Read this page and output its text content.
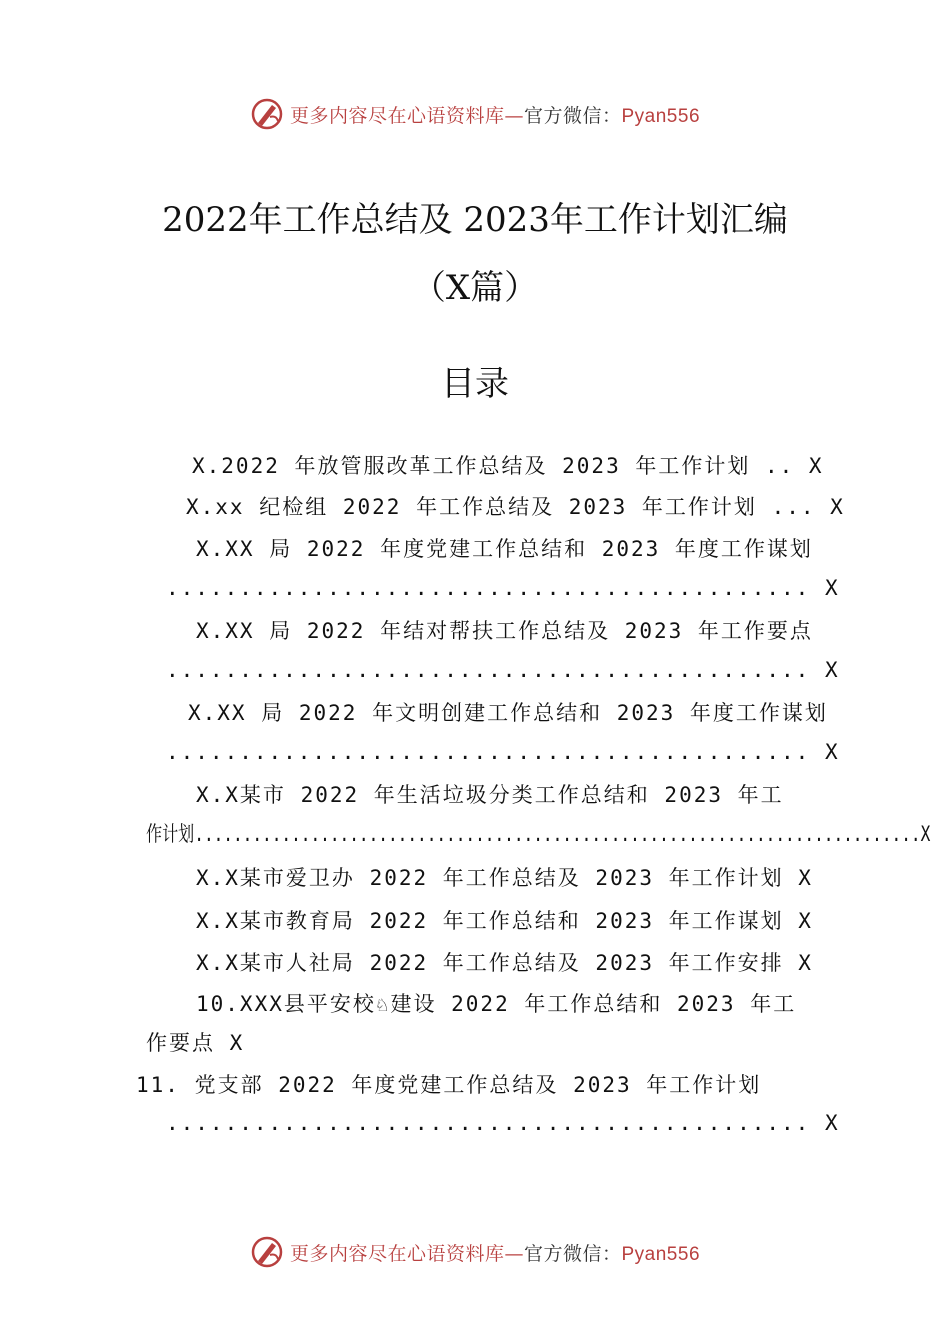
更多内容尽在心语资料库—官方微信：Pyan556
2022年工作总结及 2023年工作计划汇编
（X篇）
目录
X.2022 年放管服改革工作总结及 2023 年工作计划 .. X
X.xx 纪检组 2022 年工作总结及 2023 年工作计划 ... X
X.XX 局 2022 年度党建工作总结和 2023 年度工作谋划
............................................ X
X.XX 局 2022 年结对帮扶工作总结及 2023 年工作要点
............................................ X
X.XX 局 2022 年文明创建工作总结和 2023 年度工作谋划
............................................ X
X.X某市 2022 年生活垃圾分类工作总结和 2023 年工
作计划...........................................................................X
X.X某市爱卫办 2022 年工作总结及 2023 年工作计划 X
X.X某市教育局 2022 年工作总结和 2023 年工作谋划 X
X.X某市人社局 2022 年工作总结及 2023 年工作安排 X
10.XXX县平安校♘建设 2022 年工作总结和 2023 年工
作要点 X
11. 党支部 2022 年度党建工作总结及 2023 年工作计划
............................................ X
更多内容尽在心语资料库—官方微信：Pyan556
